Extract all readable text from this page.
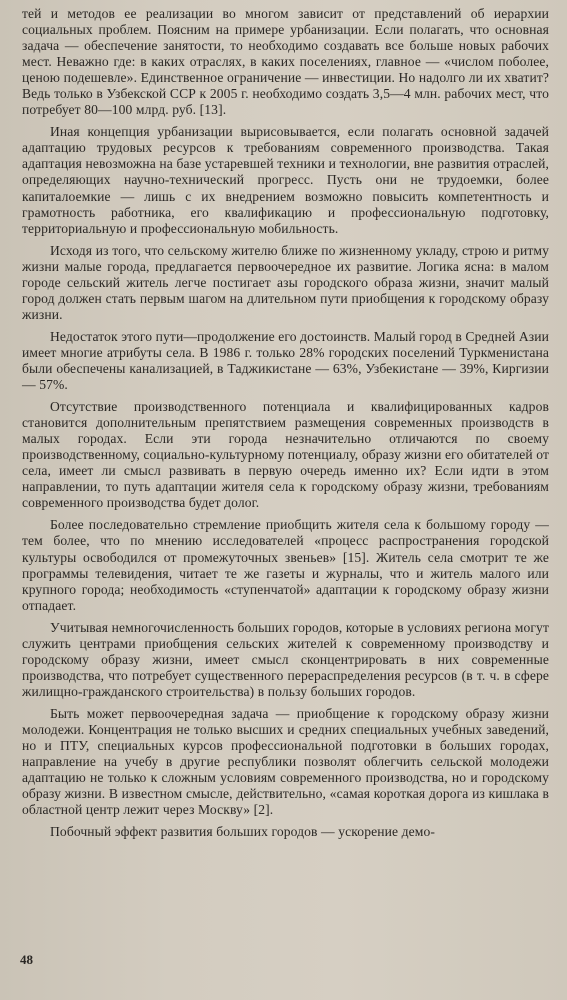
тей и методов ее реализации во многом зависит от представлений об иерархии социальных проблем. Поясним на примере урбанизации. Если полагать, что основная задача — обеспечение занятости, то необходимо создавать все больше новых рабочих мест. Неважно где: в каких отраслях, в каких поселениях, главное — «числом поболее, ценою подешевле». Единственное ограничение — инвестиции. Но надолго ли их хватит? Ведь только в Узбекской ССР к 2005 г. необходимо создать 3,5—4 млн. рабочих мест, что потребует 80—100 млрд. руб. [13].

Иная концепция урбанизации вырисовывается, если полагать основной задачей адаптацию трудовых ресурсов к требованиям современного производства. Такая адаптация невозможна на базе устаревшей техники и технологии, вне развития отраслей, определяющих научно-технический прогресс. Пусть они не трудоемки, более капиталоемкие — лишь с их внедрением возможно повысить компетентность и грамотность работника, его квалификацию и профессиональную подготовку, территориальную и профессиональную мобильность.

Исходя из того, что сельскому жителю ближе по жизненному укладу, строю и ритму жизни малые города, предлагается первоочередное их развитие. Логика ясна: в малом городе сельский житель легче постигает азы городского образа жизни, значит малый город должен стать первым шагом на длительном пути приобщения к городскому образу жизни.

Недостаток этого пути—продолжение его достоинств. Малый город в Средней Азии имеет многие атрибуты села. В 1986 г. только 28% городских поселений Туркменистана были обеспечены канализацией, в Таджикистане — 63%, Узбекистане — 39%, Киргизии — 57%.

Отсутствие производственного потенциала и квалифицированных кадров становится дополнительным препятствием размещения современных производств в малых городах. Если эти города незначительно отличаются по своему производственному, социально-культурному потенциалу, образу жизни его обитателей от села, имеет ли смысл развивать в первую очередь именно их? Если идти в этом направлении, то путь адаптации жителя села к городскому образу жизни, требованиям современного производства будет долог.

Более последовательно стремление приобщить жителя села к большому городу — тем более, что по мнению исследователей «процесс распространения городской культуры освободился от промежуточных звеньев» [15]. Житель села смотрит те же программы телевидения, читает те же газеты и журналы, что и житель малого или крупного города; необходимость «ступенчатой» адаптации к городскому образу жизни отпадает.

Учитывая немногочисленность больших городов, которые в условиях региона могут служить центрами приобщения сельских жителей к современному производству и городскому образу жизни, имеет смысл сконцентрировать в них современные производства, что потребует существенного перераспределения ресурсов (в т. ч. в сфере жилищно-гражданского строительства) в пользу больших городов.

Быть может первоочередная задача — приобщение к городскому образу жизни молодежи. Концентрация не только высших и средних специальных учебных заведений, но и ПТУ, специальных курсов профессиональной подготовки в больших городах, направление на учебу в другие республики позволят облегчить сельской молодежи адаптацию не только к сложным условиям современного производства, но и городскому образу жизни. В известном смысле, действительно, «самая короткая дорога из кишлака в областной центр лежит через Москву» [2].

Побочный эффект развития больших городов — ускорение демо-

48
